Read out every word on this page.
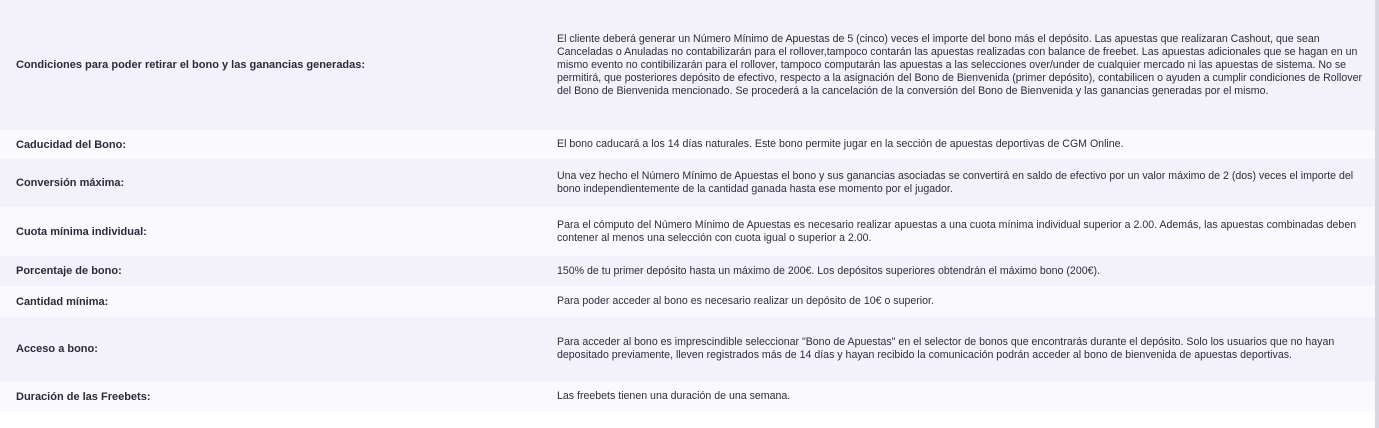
Condiciones para poder retirar el bono y las ganancias generadas:	El cliente deberá generar un Número Mínimo de Apuestas de 5 (cinco) veces el importe del bono más el depósito. Las apuestas que realizaran Cashout, que sean Canceladas o Anuladas no contabilizarán para el rollover,tampoco contarán las apuestas realizadas con balance de freebet. Las apuestas adicionales que se hagan en un mismo evento no contibilizarán para el rollover, tampoco computarán las apuestas a las selecciones over/under de cualquier mercado ni las apuestas de sistema. No se permitirá, que posteriores depósito de efectivo, respecto a la asignación del Bono de Bienvenida (primer depósito), contabilicen o ayuden a cumplir condiciones de Rollover del Bono de Bienvenida mencionado. Se procederá a la cancelación de la conversión del Bono de Bienvenida y las ganancias generadas por el mismo.
Caducidad del Bono:	El bono caducará a los 14 días naturales. Este bono permite jugar en la sección de apuestas deportivas de CGM Online.
Conversión máxima:	Una vez hecho el Número Mínimo de Apuestas el bono y sus ganancias asociadas se convertirá en saldo de efectivo por un valor máximo de 2 (dos) veces el importe del bono independientemente de la cantidad ganada hasta ese momento por el jugador.
Cuota mínima individual:	Para el cómputo del Número Mínimo de Apuestas es necesario realizar apuestas a una cuota mínima individual superior a 2.00. Además, las apuestas combinadas deben contener al menos una selección con cuota igual o superior a 2.00.
Porcentaje de bono:	150% de tu primer depósito hasta un máximo de 200€. Los depósitos superiores obtendrán el máximo bono (200€).
Cantidad mínima:	Para poder acceder al bono es necesario realizar un depósito de 10€ o superior.
Acceso a bono:	Para acceder al bono es imprescindible seleccionar "Bono de Apuestas" en el selector de bonos que encontrarás durante el depósito. Solo los usuarios que no hayan depositado previamente, lleven registrados más de 14 días y hayan recibido la comunicación podrán acceder al bono de bienvenida de apuestas deportivas.
Duración de las Freebets:	Las freebets tienen una duración de una semana.
